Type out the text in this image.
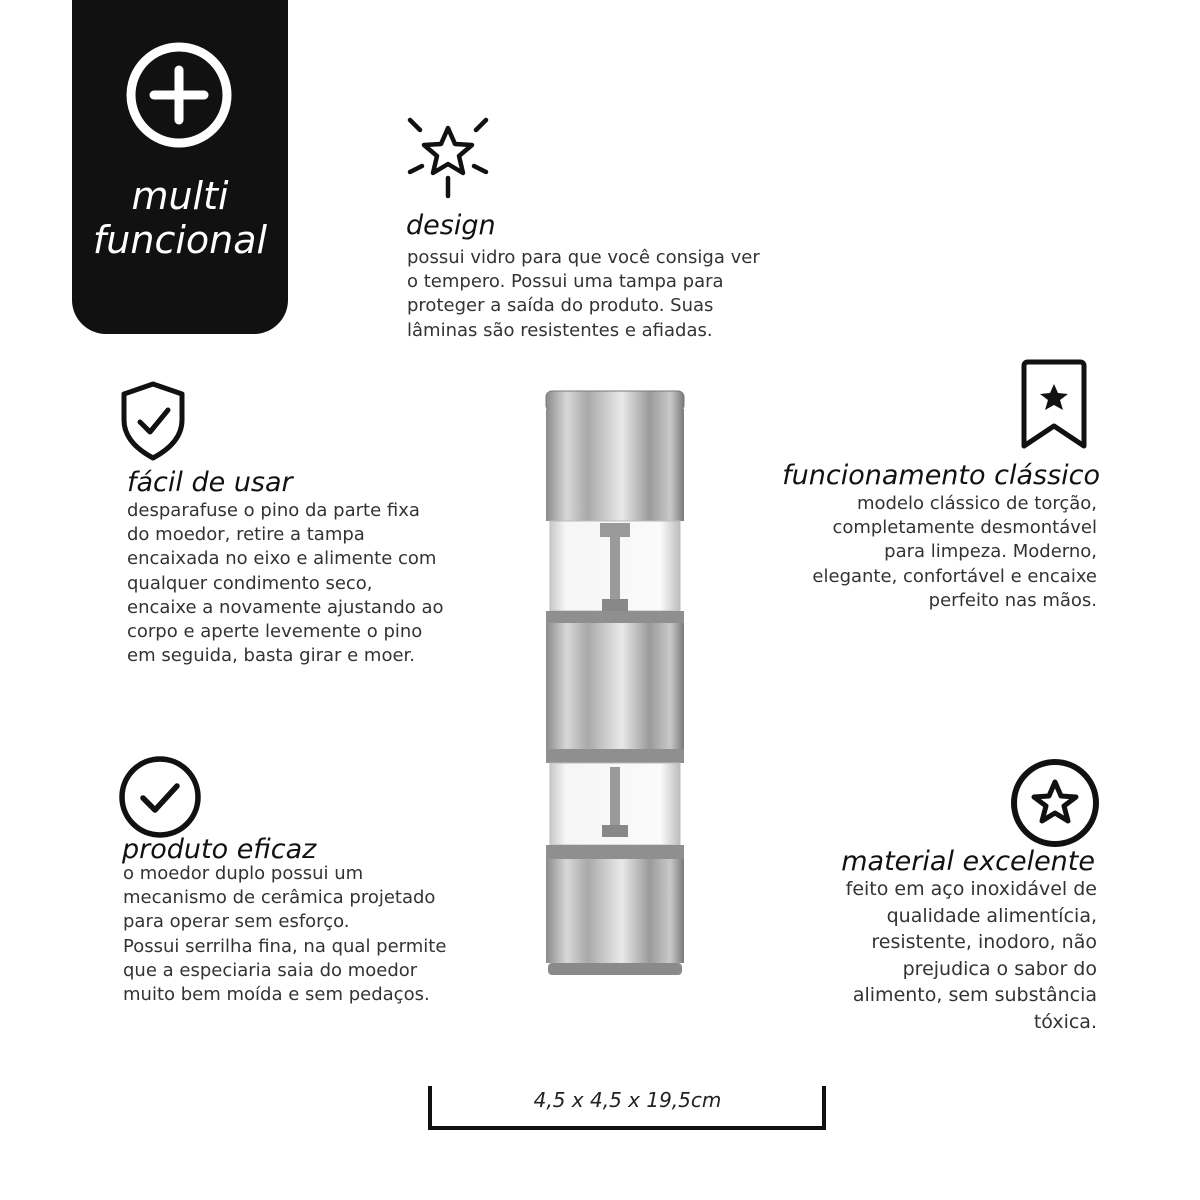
multi
funcional	design
possui vidro para que você consiga ver
o tempero. Possui uma tampa para
proteger a saída do produto. Suas
lâminas são resistentes e afiadas.
fácil de usar
desparafuse o pino da parte fixa
do moedor, retire a tampa
encaixada no eixo e alimente com
qualquer condimento seco,
encaixe a novamente ajustando ao
corpo e aperte levemente o pino
em seguida, basta girar e moer.
funcionamento clássico
modelo clássico de torção,
completamente desmontável
para limpeza. Moderno,
elegante, confortável e encaixe
perfeito nas mãos.
produto eficaz
o moedor duplo possui um
mecanismo de cerâmica projetado
para operar sem esforço.
Possui serrilha fina, na qual permite
que a especiaria saia do moedor
muito bem moída e sem pedaços.
material excelente
feito em aço inoxidável de
qualidade alimentícia,
resistente, inodoro, não
prejudica o sabor do
alimento, sem substância
tóxica.
4,5 x 4,5 x 19,5cm
